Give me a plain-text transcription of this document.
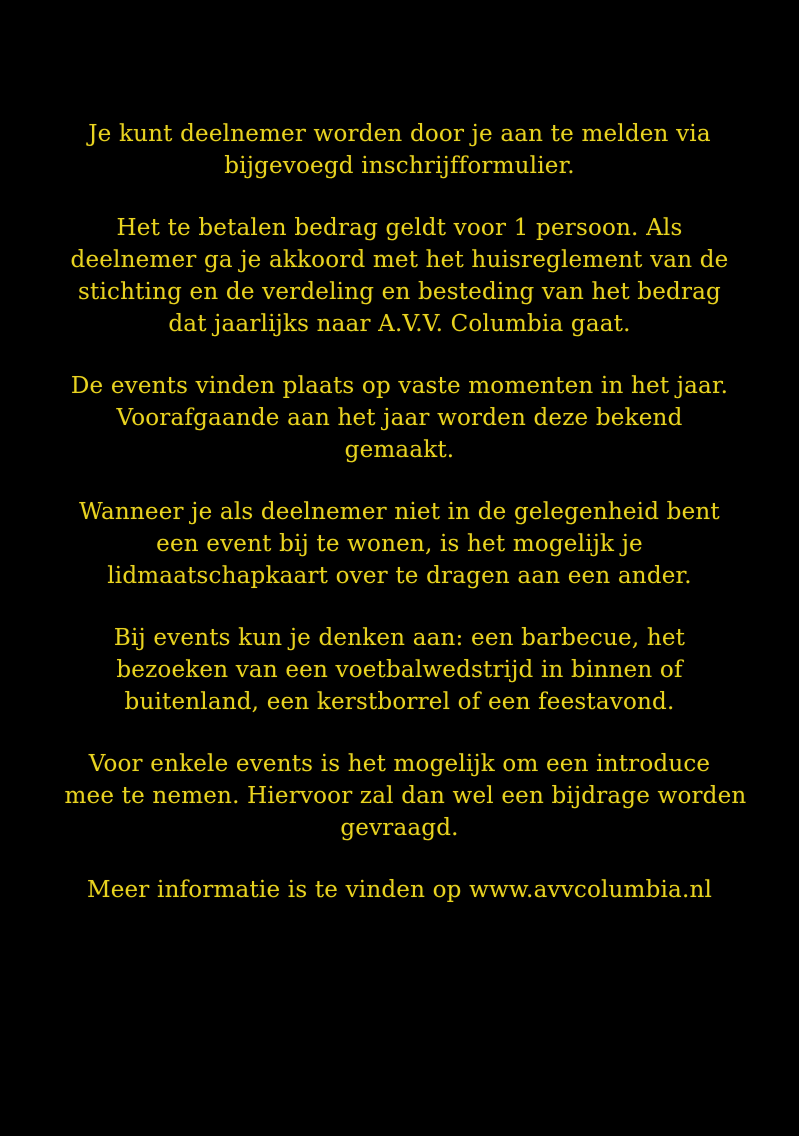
Je kunt deelnemer worden door je aan te melden via
bijgevoegd inschrijfformulier.
Het te betalen bedrag geldt voor 1 persoon. Als
deelnemer ga je akkoord met het huisreglement van de
stichting en de verdeling en besteding van het bedrag
dat jaarlijks naar A.V.V. Columbia gaat.
De events vinden plaats op vaste momenten in het jaar.
Voorafgaande aan het jaar worden deze bekend
gemaakt.
Wanneer je als deelnemer niet in de gelegenheid bent
een event bij te wonen, is het mogelijk je
lidmaatschapkaart over te dragen aan een ander.
Bij events kun je denken aan: een barbecue, het
bezoeken van een voetbalwedstrijd in binnen of
buitenland, een kerstborrel of een feestavond.
Voor enkele events is het mogelijk om een introduce
mee te nemen. Hiervoor zal dan wel een bijdrage worden
gevraagd.
Meer informatie is te vinden op www.avvcolumbia.nl
